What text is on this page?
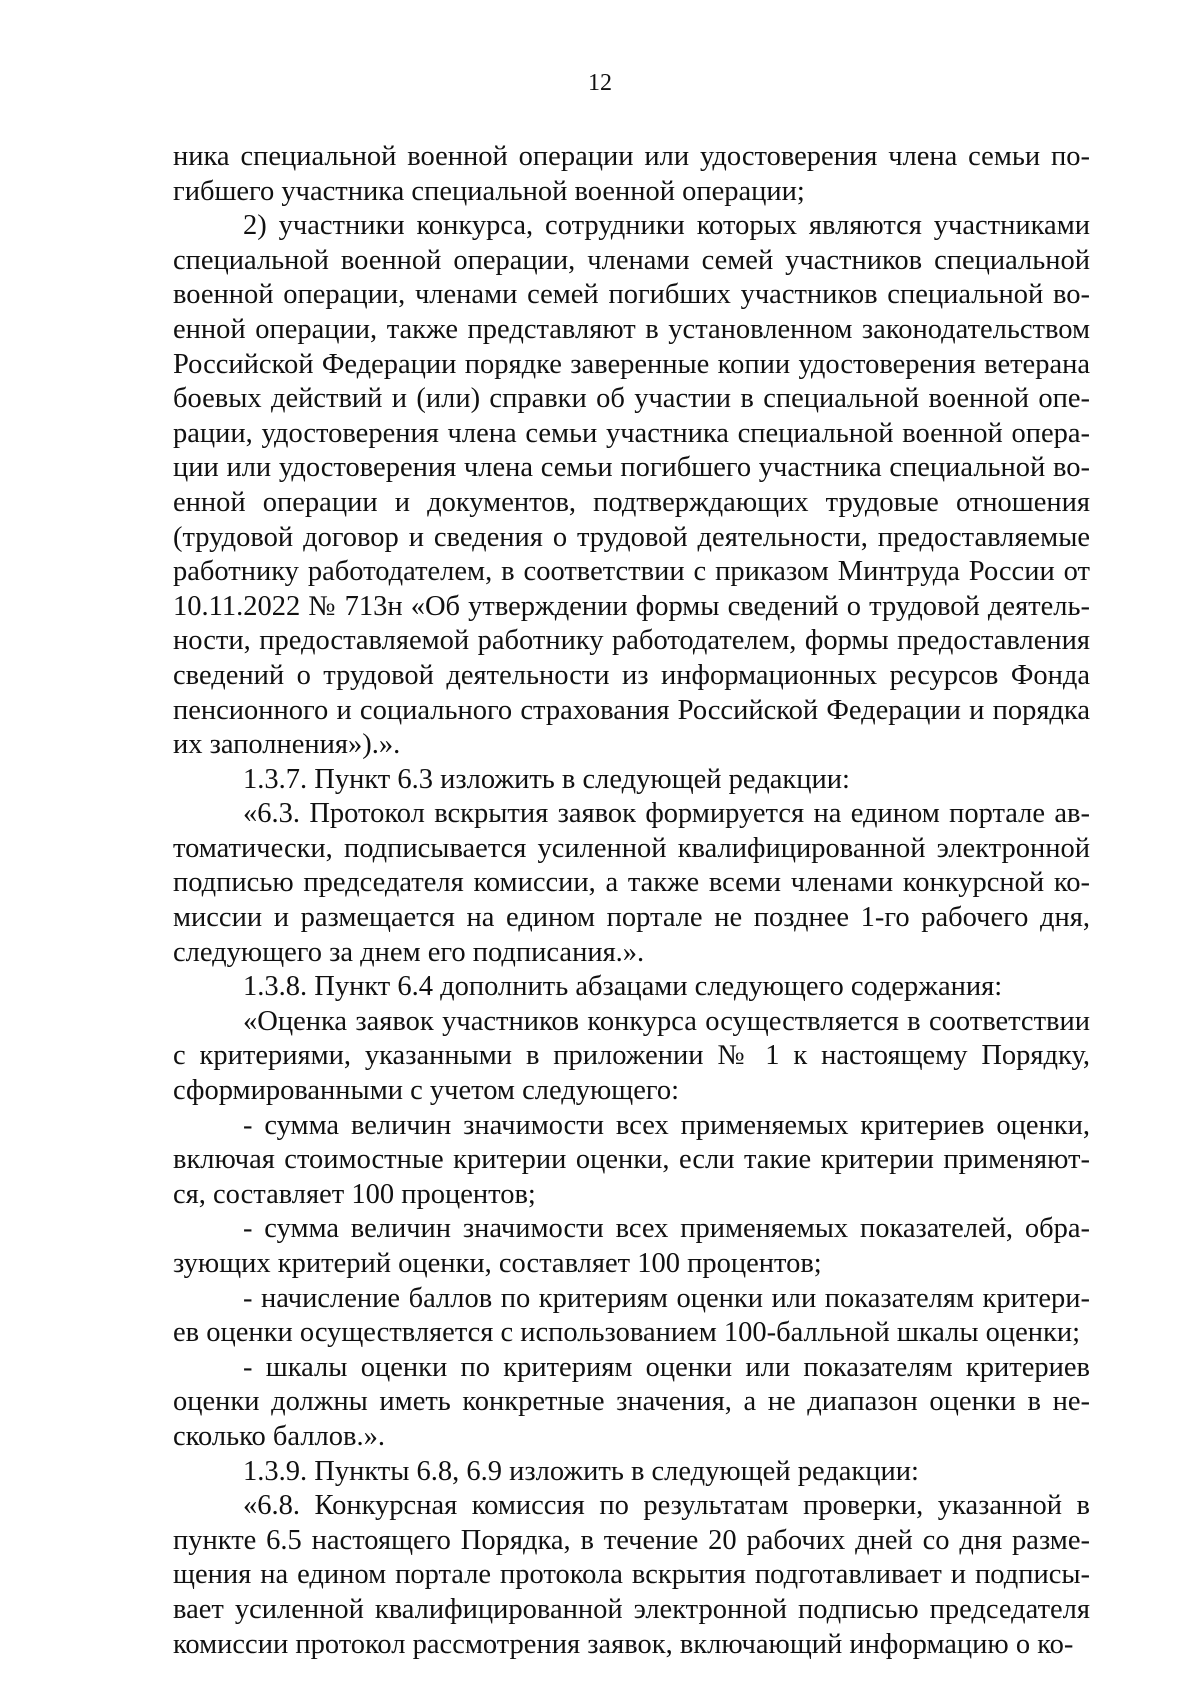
12

ника специальной военной операции или удостоверения члена семьи погибшего участника специальной военной операции;

2) участники конкурса, сотрудники которых являются участниками специальной военной операции, членами семей участников специальной военной операции, членами семей погибших участников специальной военной операции, также представляют в установленном законодательством Российской Федерации порядке заверенные копии удостоверения ветерана боевых действий и (или) справки об участии в специальной военной операции, удостоверения члена семьи участника специальной военной операции или удостоверения члена семьи погибшего участника специальной военной операции и документов, подтверждающих трудовые отношения (трудовой договор и сведения о трудовой деятельности, предоставляемые работнику работодателем, в соответствии с приказом Минтруда России от 10.11.2022 № 713н «Об утверждении формы сведений о трудовой деятельности, предоставляемой работнику работодателем, формы предоставления сведений о трудовой деятельности из информационных ресурсов Фонда пенсионного и социального страхования Российской Федерации и порядка их заполнения»).».

1.3.7. Пункт 6.3 изложить в следующей редакции:

«6.3. Протокол вскрытия заявок формируется на едином портале автоматически, подписывается усиленной квалифицированной электронной подписью председателя комиссии, а также всеми членами конкурсной комиссии и размещается на едином портале не позднее 1-го рабочего дня, следующего за днем его подписания.».

1.3.8. Пункт 6.4 дополнить абзацами следующего содержания:

«Оценка заявок участников конкурса осуществляется в соответствии с критериями, указанными в приложении № 1 к настоящему Порядку, сформированными с учетом следующего:

- сумма величин значимости всех применяемых критериев оценки, включая стоимостные критерии оценки, если такие критерии применяются, составляет 100 процентов;

- сумма величин значимости всех применяемых показателей, образующих критерий оценки, составляет 100 процентов;

- начисление баллов по критериям оценки или показателям критериев оценки осуществляется с использованием 100-балльной шкалы оценки;

- шкалы оценки по критериям оценки или показателям критериев оценки должны иметь конкретные значения, а не диапазон оценки в несколько баллов.».

1.3.9. Пункты 6.8, 6.9 изложить в следующей редакции:

«6.8. Конкурсная комиссия по результатам проверки, указанной в пункте 6.5 настоящего Порядка, в течение 20 рабочих дней со дня размещения на едином портале протокола вскрытия подготавливает и подписывает усиленной квалифицированной электронной подписью председателя комиссии протокол рассмотрения заявок, включающий информацию о ко-
